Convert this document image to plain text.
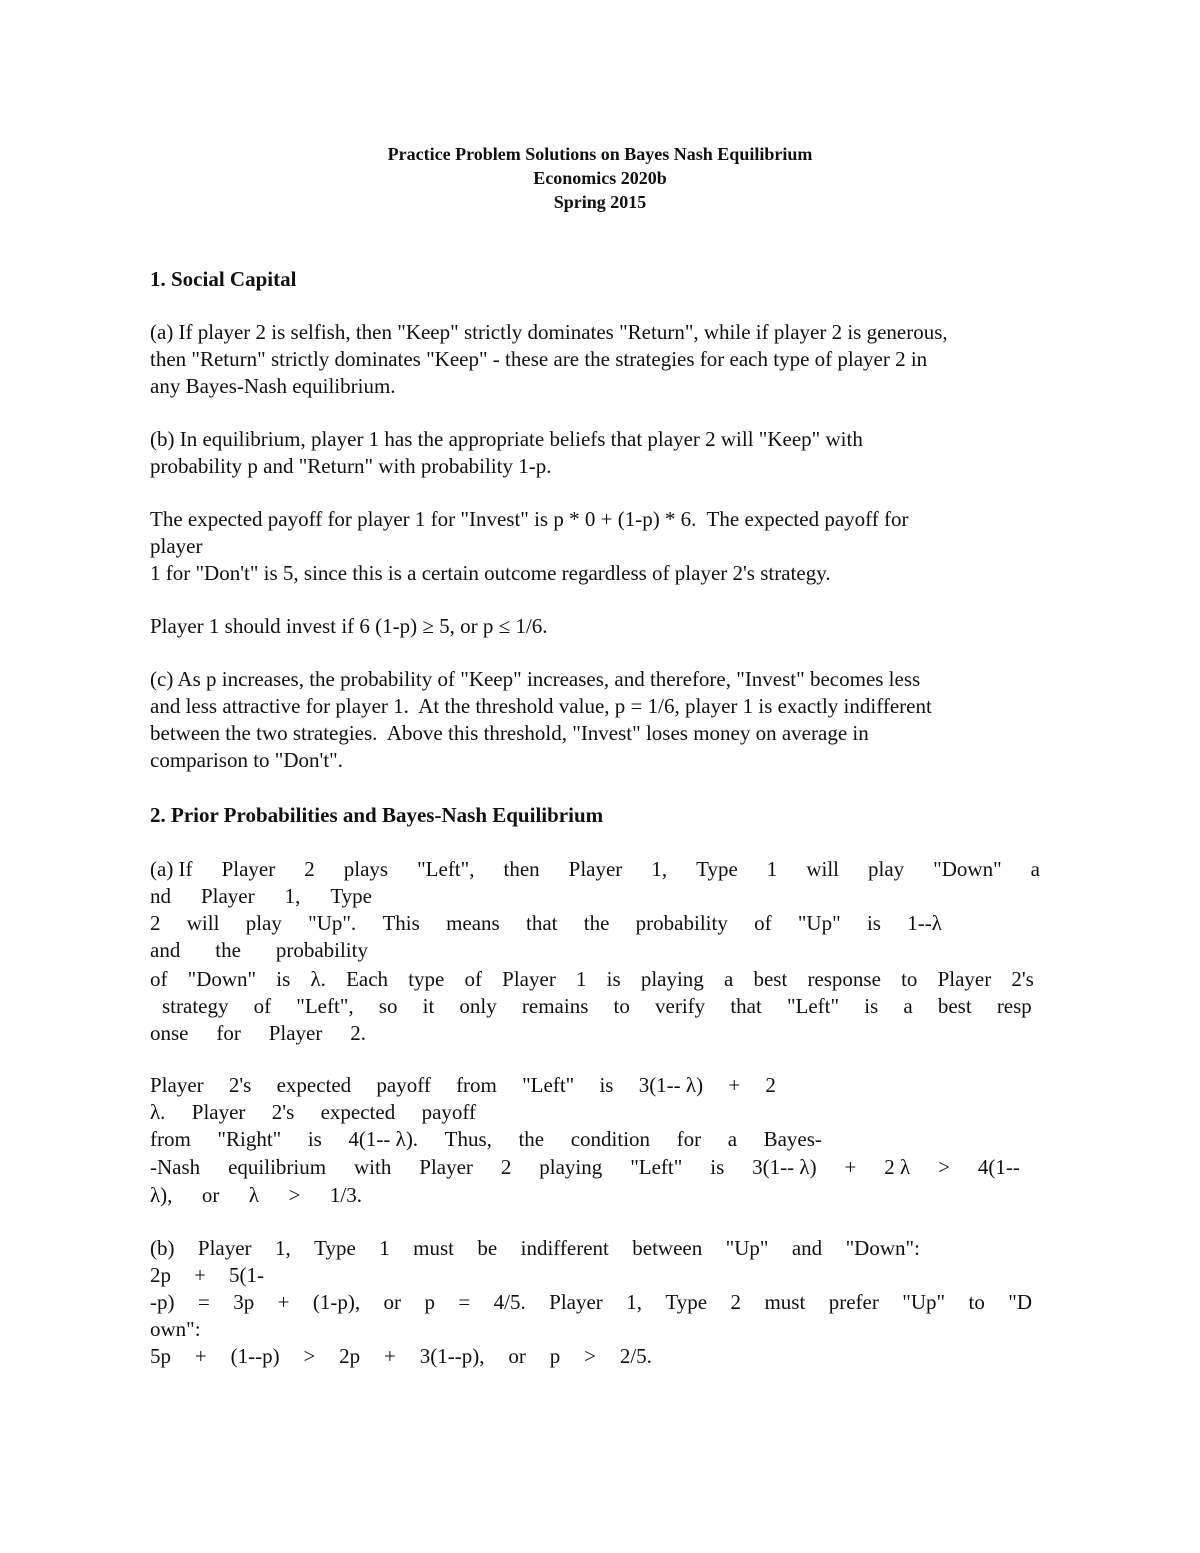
Practice Problem Solutions on Bayes Nash Equilibrium
Economics 2020b
Spring 2015
1. Social Capital
(a) If player 2 is selfish, then "Keep" strictly dominates "Return", while if player 2 is generous,
then "Return" strictly dominates "Keep" - these are the strategies for each type of player 2 in
any Bayes-Nash equilibrium.
(b) In equilibrium, player 1 has the appropriate beliefs that player 2 will "Keep" with
probability p and "Return" with probability 1-p.
The expected payoff for player 1 for "Invest" is p * 0 + (1-p) * 6.  The expected payoff for
player
1 for "Don't" is 5, since this is a certain outcome regardless of player 2's strategy.
Player 1 should invest if 6 (1-p) ≥ 5, or p ≤ 1/6.
(c) As p increases, the probability of "Keep" increases, and therefore, "Invest" becomes less
and less attractive for player 1.  At the threshold value, p = 1/6, player 1 is exactly indifferent
between the two strategies.  Above this threshold, "Invest" loses money on average in
comparison to "Don't".
2. Prior Probabilities and Bayes-Nash Equilibrium
(a) If Player 2 plays "Left", then Player 1, Type 1 will play "Down" a
nd Player 1, Type
2 will play "Up". This means that the probability of "Up" is 1--λ
and the probability
of "Down" is λ. Each type of Player 1 is playing a best response to Player 2's
strategy of "Left", so it only remains to verify that "Left" is a best resp
onse for Player 2.
Player 2's expected payoff from "Left" is 3(1-- λ) + 2
λ. Player 2's expected payoff
from "Right" is 4(1-- λ). Thus, the condition for a Bayes-
-Nash equilibrium with Player 2 playing "Left" is 3(1-- λ) + 2 λ > 4(1--
λ), or λ > 1/3.
(b) Player 1, Type 1 must be indifferent between "Up" and "Down":
2p + 5(1-
-p) = 3p + (1-p), or p = 4/5. Player 1, Type 2 must prefer "Up" to "D
own":
5p + (1--p) > 2p + 3(1--p), or p > 2/5.
